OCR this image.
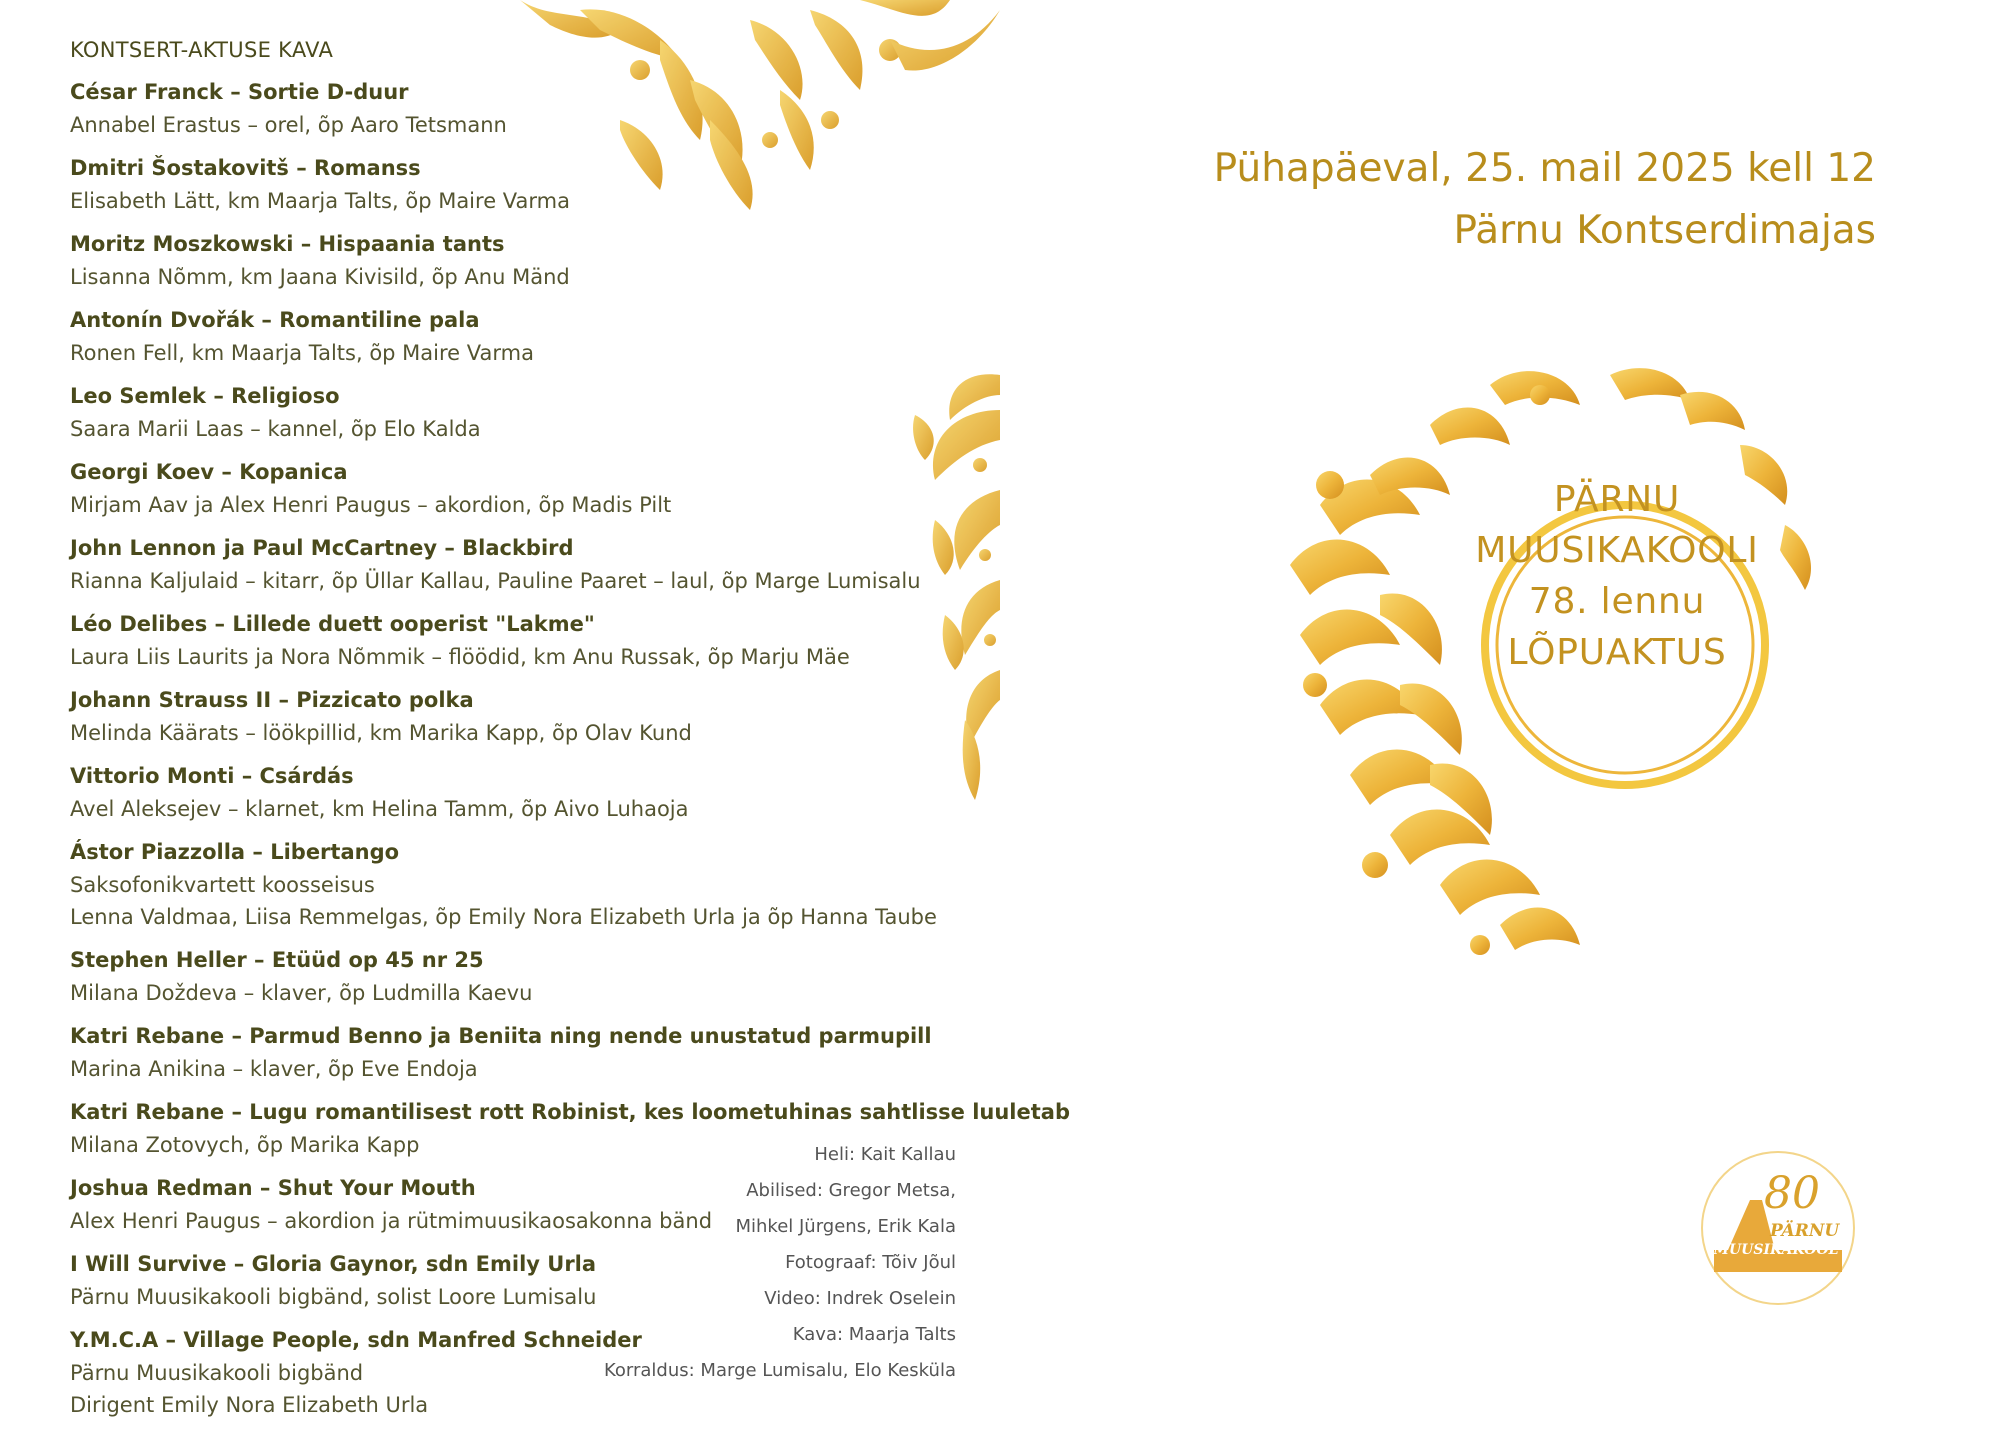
KONTSERT-AKTUSE KAVA
César Franck – Sortie D-duur
Annabel Erastus – orel, õp Aaro Tetsmann
Dmitri Šostakovitš – Romanss
Elisabeth Lätt, km Maarja Talts, õp Maire Varma
Moritz Moszkowski – Hispaania tants
Lisanna Nõmm, km Jaana Kivisild, õp Anu Mänd
Antonín Dvořák – Romantiline pala
Ronen Fell, km Maarja Talts, õp Maire Varma
Leo Semlek – Religioso
Saara Marii Laas – kannel, õp Elo Kalda
Georgi Koev – Kopanica
Mirjam Aav ja Alex Henri Paugus – akordion, õp Madis Pilt
John Lennon ja Paul McCartney – Blackbird
Rianna Kaljulaid – kitarr, õp Üllar Kallau, Pauline Paaret – laul, õp Marge Lumisalu
Léo Delibes – Lillede duett ooperist "Lakme"
Laura Liis Laurits ja Nora Nõmmik – flöödid, km Anu Russak, õp Marju Mäe
Johann Strauss II – Pizzicato polka
Melinda Käärats – löökpillid, km Marika Kapp, õp Olav Kund
Vittorio Monti – Csárdás
Avel Aleksejev – klarnet, km Helina Tamm, õp Aivo Luhaoja
Ástor Piazzolla – Libertango
Saksofonikvartett koosseisus
Lenna Valdmaa, Liisa Remmelgas, õp Emily Nora Elizabeth Urla ja õp Hanna Taube
Stephen Heller – Etüüd op 45 nr 25
Milana Doždeva – klaver, õp Ludmilla Kaevu
Katri Rebane – Parmud Benno ja Beniita ning nende unustatud parmupill
Marina Anikina – klaver, õp Eve Endoja
Katri Rebane – Lugu romantilisest rott Robinist, kes loometuhinas sahtlisse luuletab
Milana Zotovych, õp Marika Kapp
Joshua Redman – Shut Your Mouth
Alex Henri Paugus – akordion ja rütmimuusikaosakonna bänd
I Will Survive – Gloria Gaynor, sdn Emily Urla
Pärnu Muusikakooli bigbänd, solist Loore Lumisalu
Y.M.C.A – Village People, sdn Manfred Schneider
Pärnu Muusikakooli bigbänd
Dirigent Emily Nora Elizabeth Urla
Heli: Kait Kallau
Abilised: Gregor Metsa,
Mihkel Jürgens, Erik Kala
Fotograaf: Tõiv Jõul
Video: Indrek Oselein
Kava: Maarja Talts
Korraldus: Marge Lumisalu, Elo Kesküla
Pühapäeval, 25. mail 2025 kell 12
Pärnu Kontserdimajas
PÄRNU
MUUSIKAKOOLI
78. lennu
LÕPUAKTUS
80
PÄRNU
MUUSIKAKOOL
